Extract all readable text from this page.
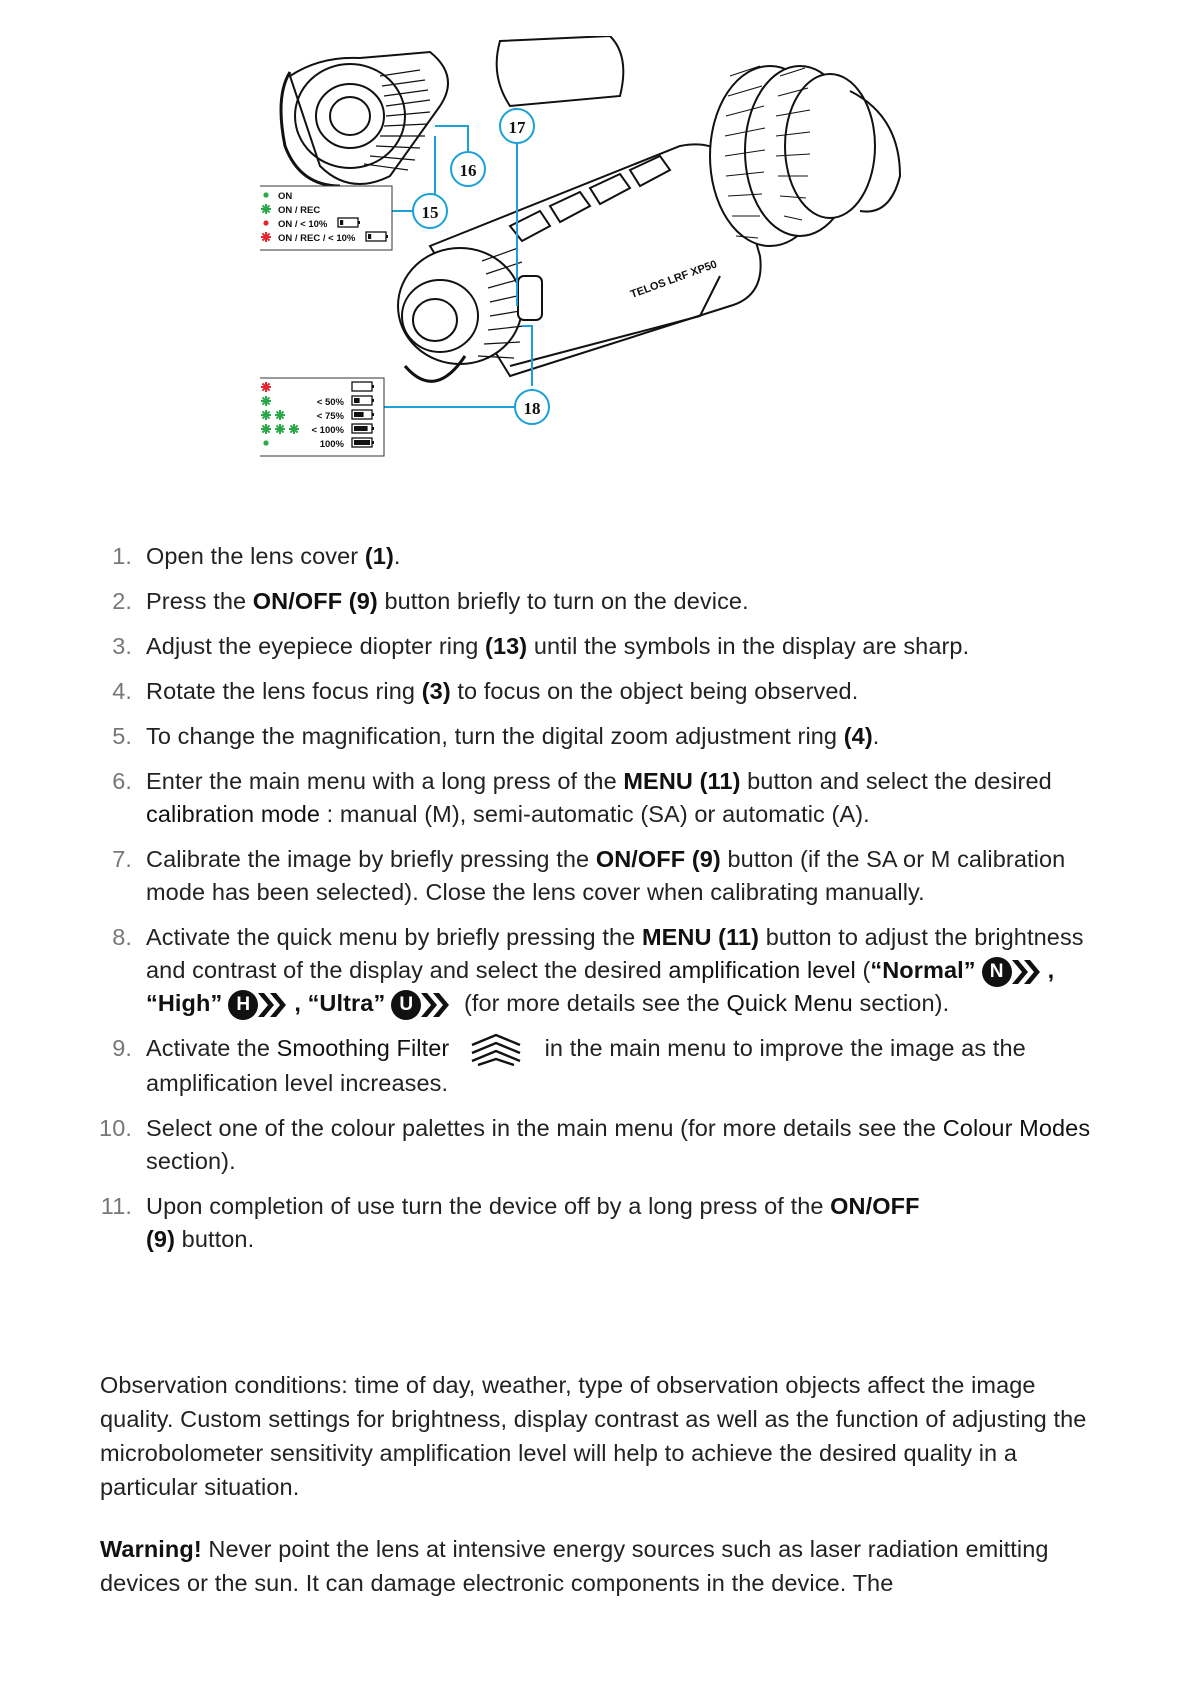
TELOS LRF XP50
15
16
17
18
ON
ON / REC
ON / < 10%
ON / REC / < 10%
< 50%
< 75%
< 100%
100%
1. Open the lens cover (1).
2. Press the ON/OFF (9) button briefly to turn on the device.
3. Adjust the eyepiece diopter ring (13) until the symbols in the display are sharp.
4. Rotate the lens focus ring (3) to focus on the object being observed.
5. To change the magnification, turn the digital zoom adjustment ring (4).
6. Enter the main menu with a long press of the MENU (11) button and select the desired calibration mode : manual (M), semi-automatic (SA) or automatic (A).
7. Calibrate the image by briefly pressing the ON/OFF (9) button (if the SA or M calibration mode has been selected). Close the lens cover when calibrating manually.
8. Activate the quick menu by briefly pressing the MENU (11) button to adjust the brightness and contrast of the display and select the desired amplification level (“Normal” N	, “High” H	, “Ultra” U	(for more details see the Quick Menu section).
9. Activate the Smoothing Filter	in the main menu to improve the image as the amplification level increases.
10. Select one of the colour palettes in the main menu (for more details see the Colour Modes section).
11. Upon completion of use turn the device off by a long press of the ON/OFF (9) button.

Observation conditions: time of day, weather, type of observation objects affect the image quality. Custom settings for brightness, display contrast as well as the function of adjusting the microbolometer sensitivity amplification level will help to achieve the desired quality in a particular situation.

Warning! Never point the lens at intensive energy sources such as laser radiation emitting devices or the sun. It can damage electronic components in the device. The
